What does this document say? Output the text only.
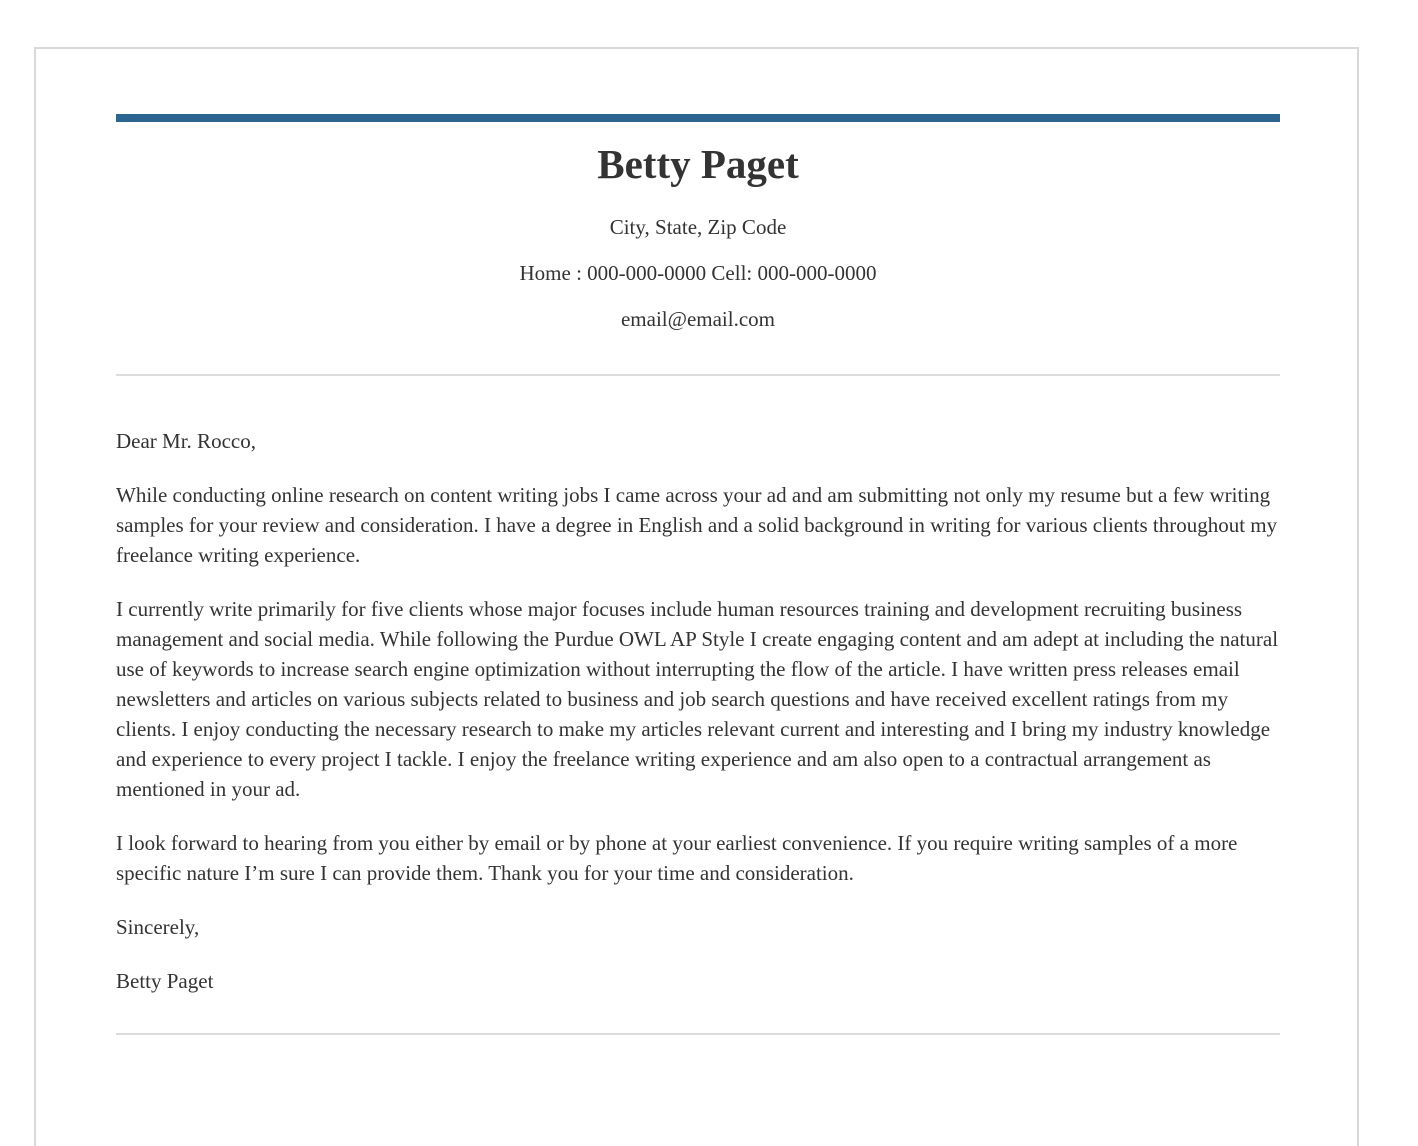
Betty Paget

City, State, Zip Code

Home : 000-000-0000 Cell: 000-000-0000

email@email.com

Dear Mr. Rocco,

While conducting online research on content writing jobs I came across your ad and am submitting not only my resume but a few writing samples for your review and consideration. I have a degree in English and a solid background in writing for various clients throughout my freelance writing experience.

I currently write primarily for five clients whose major focuses include human resources training and development recruiting business management and social media. While following the Purdue OWL AP Style I create engaging content and am adept at including the natural use of keywords to increase search engine optimization without interrupting the flow of the article. I have written press releases email newsletters and articles on various subjects related to business and job search questions and have received excellent ratings from my clients. I enjoy conducting the necessary research to make my articles relevant current and interesting and I bring my industry knowledge and experience to every project I tackle. I enjoy the freelance writing experience and am also open to a contractual arrangement as mentioned in your ad.

I look forward to hearing from you either by email or by phone at your earliest convenience. If you require writing samples of a more specific nature I’m sure I can provide them. Thank you for your time and consideration.

Sincerely,

Betty Paget
